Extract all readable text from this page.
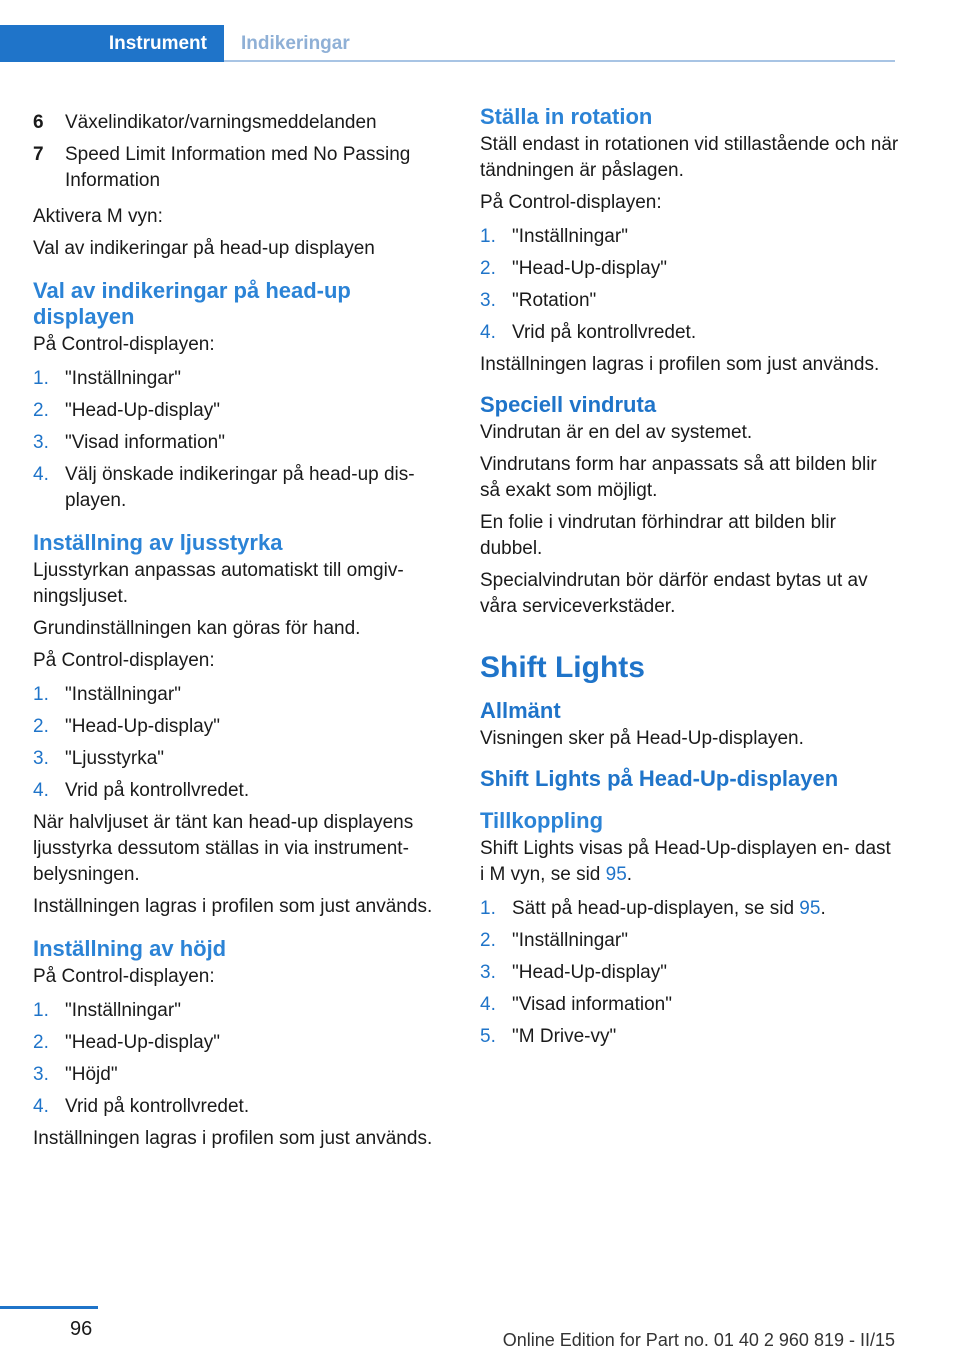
Instrument	Indikeringar
6 Växelindikator/varningsmeddelanden
7 Speed Limit Information med No Passing Information

Aktivera M vyn:

Val av indikeringar på head-up displayen

Val av indikeringar på head-up displayen

På Control-displayen:

1. "Inställningar"
2. "Head-Up-display"
3. "Visad information"
4. Välj önskade indikeringar på head-up dis‐ playen.
Inställning av ljusstyrka

Ljusstyrkan anpassas automatiskt till omgiv‐ ningsljuset.

Grundinställningen kan göras för hand.

På Control-displayen:

1. "Inställningar"
2. "Head-Up-display"
3. "Ljusstyrka"
4. Vrid på kontrollvredet.

När halvljuset är tänt kan head-up displayens ljusstyrka dessutom ställas in via instrument‐ belysningen.

Inställningen lagras i profilen som just används.

Inställning av höjd

På Control-displayen:

1. "Inställningar"
2. "Head-Up-display"
3. "Höjd"
4. Vrid på kontrollvredet.

Inställningen lagras i profilen som just används.

Ställa in rotation

Ställ endast in rotationen vid stillastående och när tändningen är påslagen.

På Control-displayen:

1. "Inställningar"
2. "Head-Up-display"
3. "Rotation"
4. Vrid på kontrollvredet.

Inställningen lagras i profilen som just används.

Speciell vindruta

Vindrutan är en del av systemet.

Vindrutans form har anpassats så att bilden blir så exakt som möjligt.

En folie i vindrutan förhindrar att bilden blir dubbel.

Specialvindrutan bör därför endast bytas ut av våra serviceverkstäder.

Shift Lights
Allmänt

Visningen sker på Head-Up-displayen.

Shift Lights på Head-Up-displayen
Tillkoppling

Shift Lights visas på Head-Up-displayen en‐ dast i M vyn, se sid 95.

1. Sätt på head-up-displayen, se sid 95.
2. "Inställningar"
3. "Head-Up-display"
4. "Visad information"
5. "M Drive-vy"
96	Online Edition for Part no. 01 40 2 960 819 - II/15
